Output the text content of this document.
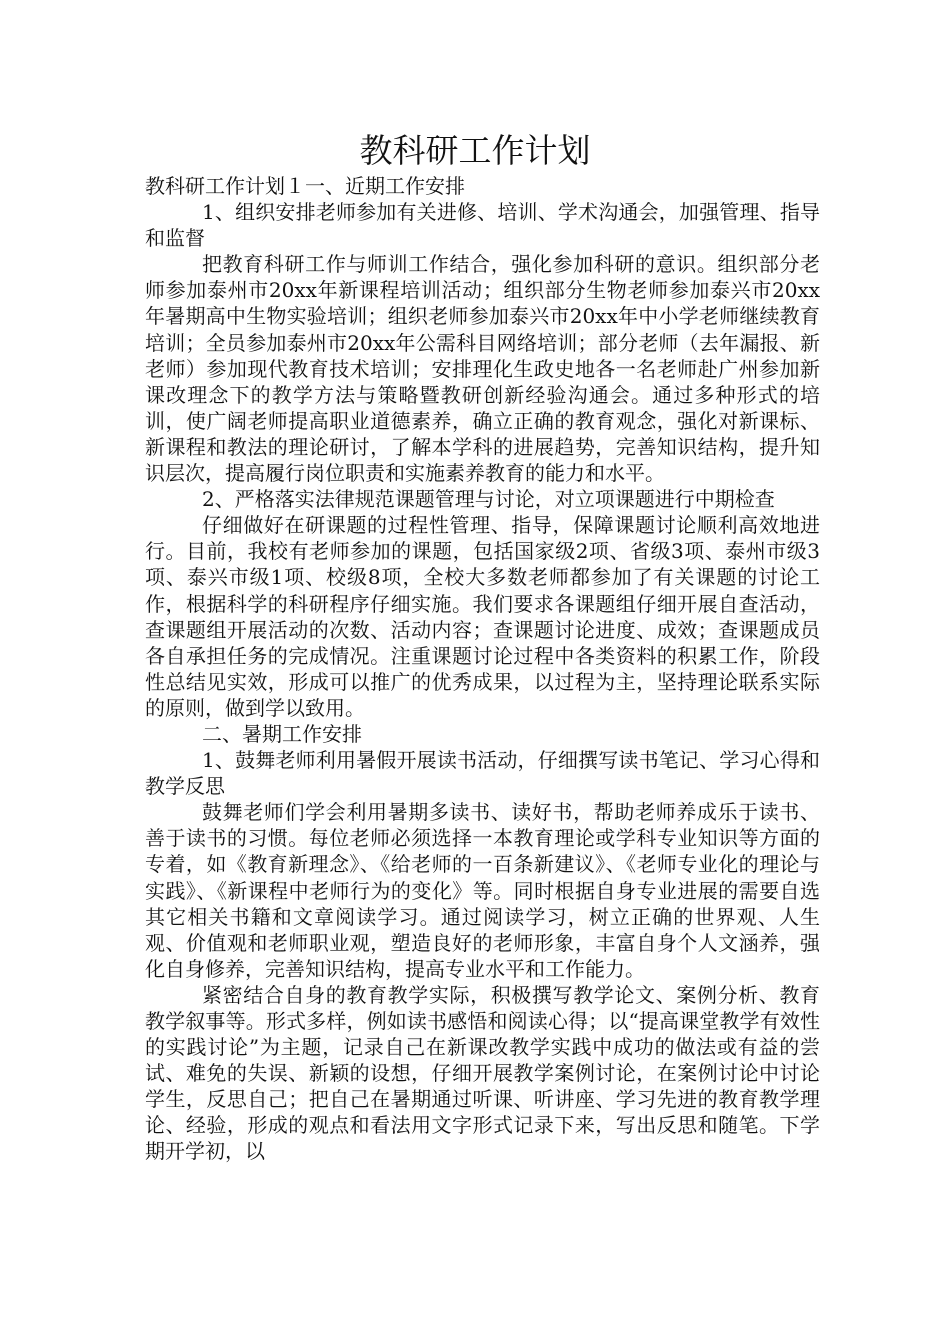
教科研工作计划

教科研工作计划１一、近期工作安排

1、组织安排老师参加有关进修、培训、学术沟通会，加强管理、指导和监督

把教育科研工作与师训工作结合，强化参加科研的意识。组织部分老师参加泰州市20xx年新课程培训活动；组织部分生物老师参加泰兴市20xx年暑期高中生物实验培训；组织老师参加泰兴市20xx年中小学老师继续教育培训；全员参加泰州市20xx年公需科目网络培训；部分老师（去年漏报、新老师）参加现代教育技术培训；安排理化生政史地各一名老师赴广州参加新课改理念下的教学方法与策略暨教研创新经验沟通会。通过多种形式的培训，使广阔老师提高职业道德素养，确立正确的教育观念，强化对新课标、新课程和教法的理论研讨，了解本学科的进展趋势，完善知识结构，提升知识层次，提高履行岗位职责和实施素养教育的能力和水平。

2、严格落实法律规范课题管理与讨论，对立项课题进行中期检查

仔细做好在研课题的过程性管理、指导，保障课题讨论顺利高效地进行。目前，我校有老师参加的课题，包括国家级2项、省级3项、泰州市级3项、泰兴市级1项、校级8项，全校大多数老师都参加了有关课题的讨论工作，根据科学的科研程序仔细实施。我们要求各课题组仔细开展自查活动，查课题组开展活动的次数、活动内容；查课题讨论进度、成效；查课题成员各自承担任务的完成情况。注重课题讨论过程中各类资料的积累工作，阶段性总结见实效，形成可以推广的优秀成果，以过程为主，坚持理论联系实际的原则，做到学以致用。

二、暑期工作安排

1、鼓舞老师利用暑假开展读书活动，仔细撰写读书笔记、学习心得和教学反思

鼓舞老师们学会利用暑期多读书、读好书，帮助老师养成乐于读书、善于读书的习惯。每位老师必须选择一本教育理论或学科专业知识等方面的专着，如《教育新理念》、《给老师的一百条新建议》、《老师专业化的理论与实践》、《新课程中老师行为的变化》等。同时根据自身专业进展的需要自选其它相关书籍和文章阅读学习。通过阅读学习，树立正确的世界观、人生观、价值观和老师职业观，塑造良好的老师形象，丰富自身个人文涵养，强化自身修养，完善知识结构，提高专业水平和工作能力。

紧密结合自身的教育教学实际，积极撰写教学论文、案例分析、教育教学叙事等。形式多样，例如读书感悟和阅读心得；以“提高课堂教学有效性的实践讨论”为主题，记录自己在新课改教学实践中成功的做法或有益的尝试、难免的失误、新颖的设想，仔细开展教学案例讨论，在案例讨论中讨论学生，反思自己；把自己在暑期通过听课、听讲座、学习先进的教育教学理论、经验，形成的观点和看法用文字形式记录下来，写出反思和随笔。下学期开学初，以
